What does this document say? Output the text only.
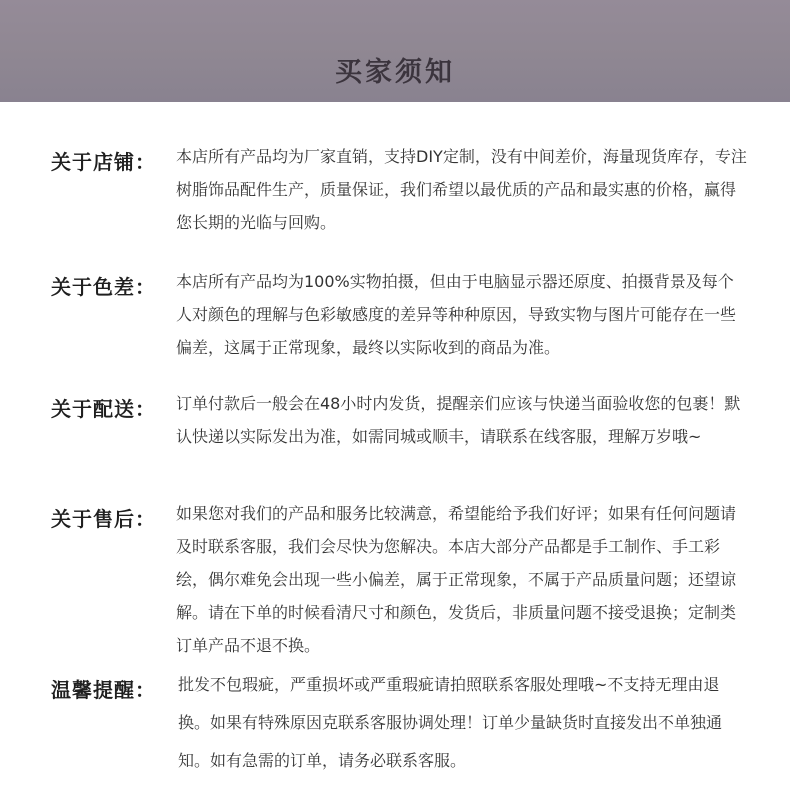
买家须知
关于店铺： 本店所有产品均为厂家直销，支持DIY定制，没有中间差价，海量现货库存，专注树脂饰品配件生产，质量保证，我们希望以最优质的产品和最实惠的价格，赢得您长期的光临与回购。
关于色差： 本店所有产品均为100%实物拍摄，但由于电脑显示器还原度、拍摄背景及每个人对颜色的理解与色彩敏感度的差异等种种原因，导致实物与图片可能存在一些偏差，这属于正常现象，最终以实际收到的商品为准。
关于配送： 订单付款后一般会在48小时内发货，提醒亲们应该与快递当面验收您的包裹！默认快递以实际发出为准，如需同城或顺丰，请联系在线客服，理解万岁哦~
关于售后： 如果您对我们的产品和服务比较满意，希望能给予我们好评；如果有任何问题请及时联系客服，我们会尽快为您解决。本店大部分产品都是手工制作、手工彩绘，偶尔难免会出现一些小偏差，属于正常现象，不属于产品质量问题；还望谅解。请在下单的时候看清尺寸和颜色，发货后，非质量问题不接受退换；定制类订单产品不退不换。
温馨提醒： 批发不包瑕疵，严重损坏或严重瑕疵请拍照联系客服处理哦~不支持无理由退换。如果有特殊原因克联系客服协调处理！订单少量缺货时直接发出不单独通知。如有急需的订单，请务必联系客服。
